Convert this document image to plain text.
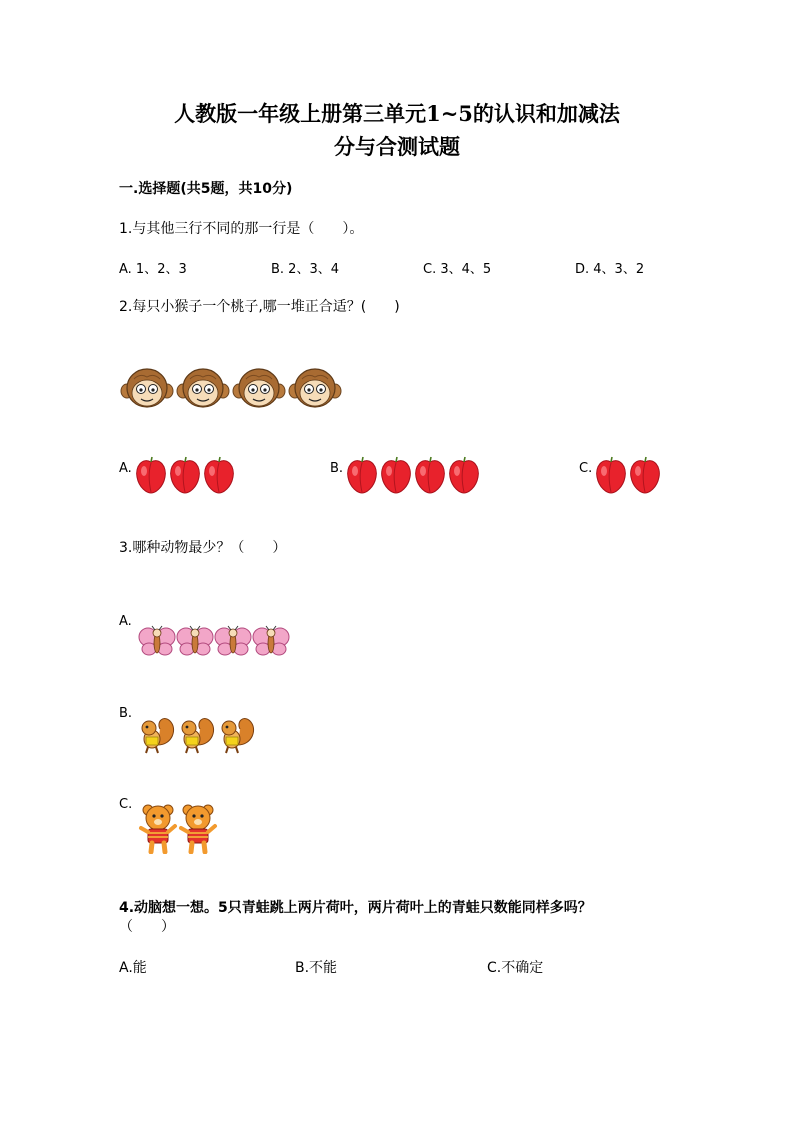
人教版一年级上册第三单元1~5的认识和加减法
分与合测试题
一.选择题(共5题，共10分)
1.与其他三行不同的那一行是（　　）。
A. 1、2、3	B. 2、3、4	C. 3、4、5	D. 4、3、2
2.每只小猴子一个桃子,哪一堆正合适？(　　)
A.	B.	C.
3.哪种动物最少？（　　）
A.
B.
C.
4.动脑想一想。5只青蛙跳上两片荷叶，两片荷叶上的青蛙只数能同样多吗？
（　　）
A.能	B.不能	C.不确定
